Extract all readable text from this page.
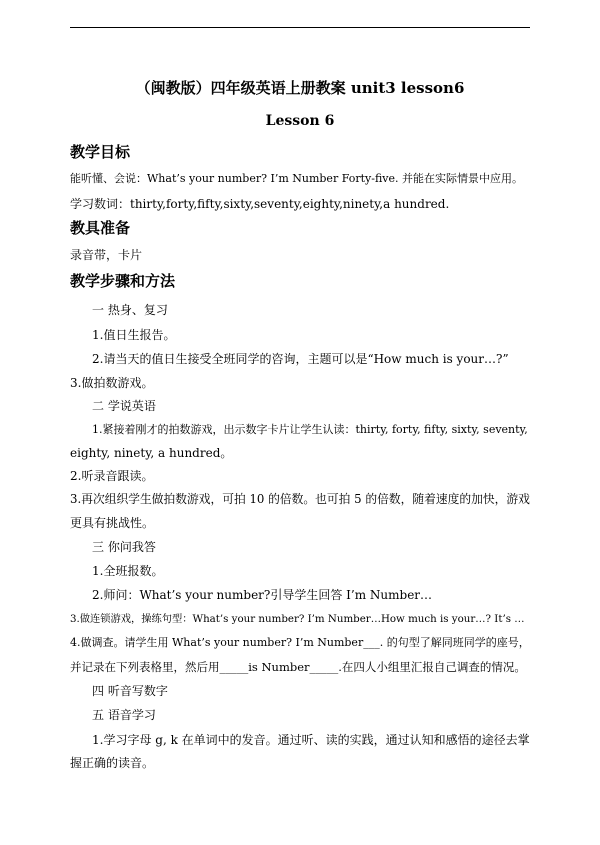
（闽教版）四年级英语上册教案 unit3 lesson6
Lesson 6
教学目标
能听懂、会说：What’s your number? I’m Number Forty-five. 并能在实际情景中应用。
学习数词：thirty,forty,fifty,sixty,seventy,eighty,ninety,a hundred.
教具准备
录音带，卡片
教学步骤和方法
一 热身、复习
1.值日生报告。
2.请当天的值日生接受全班同学的咨询，主题可以是“How much is your…?”
3.做拍数游戏。
二 学说英语
1.紧接着刚才的拍数游戏，出示数字卡片让学生认读：thirty, forty, fifty, sixty, seventy,
eighty, ninety, a hundred。
2.听录音跟读。
3.再次组织学生做拍数游戏，可拍 10 的倍数。也可拍 5 的倍数，随着速度的加快，游戏
更具有挑战性。
三 你问我答
1.全班报数。
2.师问：What’s your number?引导学生回答 I’m Number…
3.做连锁游戏，操练句型：What’s your number? I’m Number…How much is your…? It’s …
4.做调查。请学生用 What’s your number? I’m Number___. 的句型了解同班同学的座号，
并记录在下列表格里，然后用_____is Number_____.在四人小组里汇报自己调查的情况。
四 听音写数字
五 语音学习
1.学习字母 g, k 在单词中的发音。通过听、读的实践，通过认知和感悟的途径去掌
握正确的读音。
